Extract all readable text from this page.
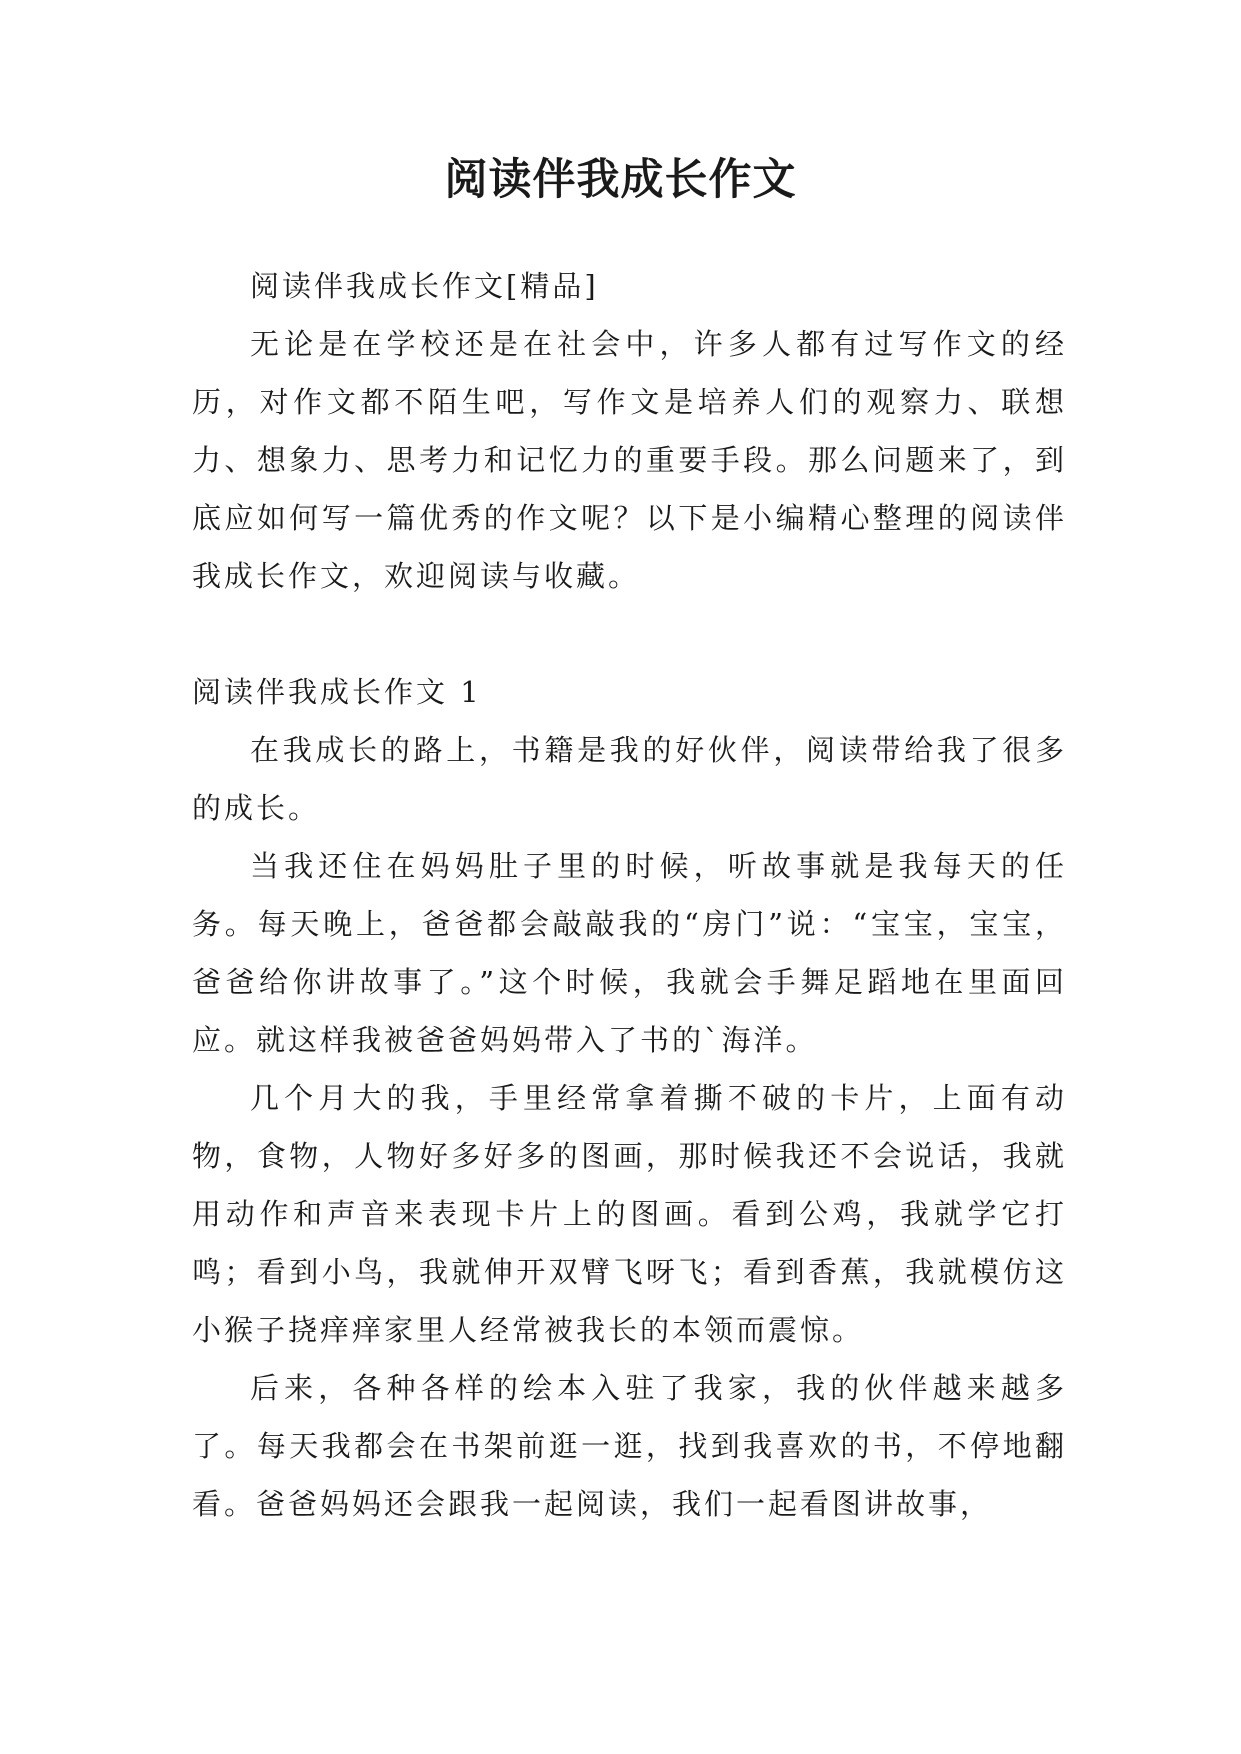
阅读伴我成长作文

阅读伴我成长作文[精品]

无论是在学校还是在社会中，许多人都有过写作文的经历，对作文都不陌生吧，写作文是培养人们的观察力、联想力、想象力、思考力和记忆力的重要手段。那么问题来了，到底应如何写一篇优秀的作文呢？以下是小编精心整理的阅读伴我成长作文，欢迎阅读与收藏。

阅读伴我成长作文 1

在我成长的路上，书籍是我的好伙伴，阅读带给我了很多的成长。

当我还住在妈妈肚子里的时候，听故事就是我每天的任务。每天晚上，爸爸都会敲敲我的“房门”说：“宝宝，宝宝，爸爸给你讲故事了。”这个时候，我就会手舞足蹈地在里面回应。就这样我被爸爸妈妈带入了书的`海洋。

几个月大的我，手里经常拿着撕不破的卡片，上面有动物，食物，人物好多好多的图画，那时候我还不会说话，我就用动作和声音来表现卡片上的图画。看到公鸡，我就学它打鸣；看到小鸟，我就伸开双臂飞呀飞；看到香蕉，我就模仿这小猴子挠痒痒家里人经常被我长的本领而震惊。

后来，各种各样的绘本入驻了我家，我的伙伴越来越多了。每天我都会在书架前逛一逛，找到我喜欢的书，不停地翻看。爸爸妈妈还会跟我一起阅读，我们一起看图讲故事，
